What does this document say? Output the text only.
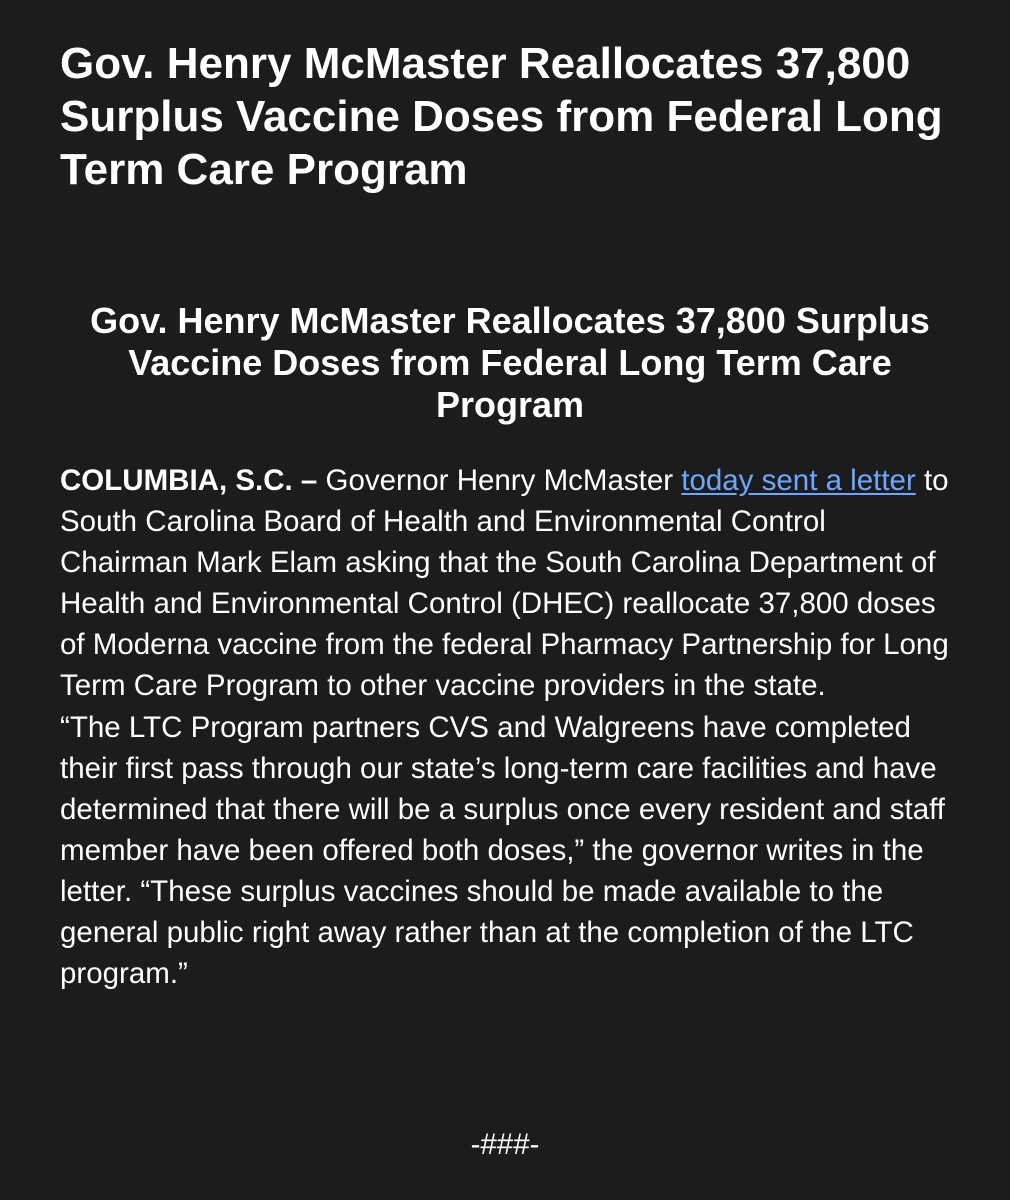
Gov. Henry McMaster Reallocates 37,800 Surplus Vaccine Doses from Federal Long Term Care Program
Gov. Henry McMaster Reallocates 37,800 Surplus Vaccine Doses from Federal Long Term Care Program

COLUMBIA, S.C. – Governor Henry McMaster today sent a letter to South Carolina Board of Health and Environmental Control Chairman Mark Elam asking that the South Carolina Department of Health and Environmental Control (DHEC) reallocate 37,800 doses of Moderna vaccine from the federal Pharmacy Partnership for Long Term Care Program to other vaccine providers in the state.

“The LTC Program partners CVS and Walgreens have completed their first pass through our state’s long-term care facilities and have determined that there will be a surplus once every resident and staff member have been offered both doses,” the governor writes in the letter. “These surplus vaccines should be made available to the general public right away rather than at the completion of the LTC program.”

-###-
